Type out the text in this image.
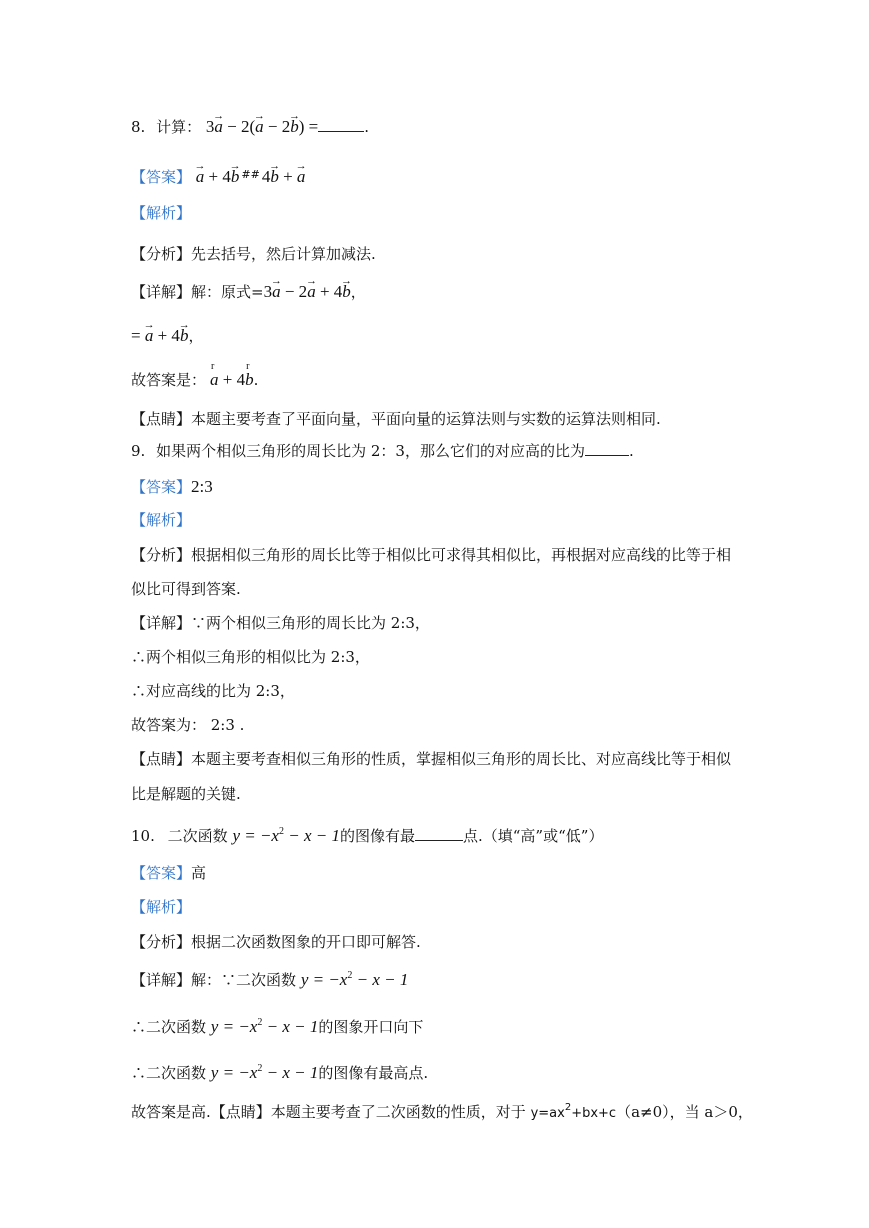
8. 计算： 3→ a − 2(→ a − 2→ b) =	.
【答案】 → a + 4→ b ## 4→ b + → a
【解析】
【分析】先去括号，然后计算加减法.
【详解】解：原式=3→ a − 2→ a + 4→ b，
= → a + 4→ b，
故答案是： r a + 4r b.
【点睛】本题主要考查了平面向量，平面向量的运算法则与实数的运算法则相同.
9. 如果两个相似三角形的周长比为 2：3，那么它们的对应高的比为	.
【答案】2:3
【解析】
【分析】根据相似三角形的周长比等于相似比可求得其相似比，再根据对应高线的比等于相
似比可得到答案.
【详解】∵两个相似三角形的周长比为 2:3，
∴两个相似三角形的相似比为 2:3，
∴对应高线的比为 2:3，
故答案为： 2:3 .
【点睛】本题主要考查相似三角形的性质，掌握相似三角形的周长比、对应高线比等于相似
比是解题的关键.
10. 二次函数 $y = -x^2 - x - 1$的图像有最	点.（填“高”或“低”）
【答案】高
【解析】
【分析】根据二次函数图象的开口即可解答.
【详解】解：∵二次函数 $y = -x^2 - x - 1$
∴二次函数 $y = -x^2 - x - 1$的图象开口向下
∴二次函数 $y = -x^2 - x - 1$的图像有最高点.
故答案是高.【点睛】本题主要考查了二次函数的性质，对于 $y=ax^2+bx+c(a\ne 0)$，当 a＞0，
